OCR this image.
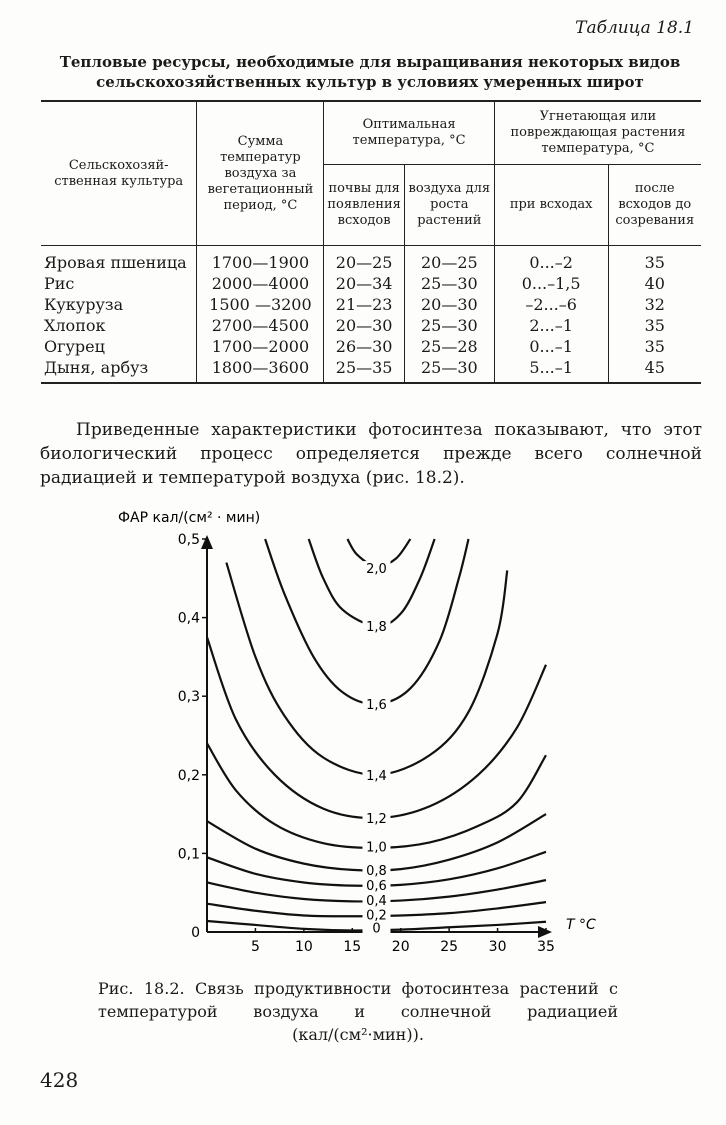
Таблица 18.1
Тепловые ресурсы, необходимые для выращивания некоторых видов сельскохозяйственных культур в условиях умеренных широт
Сельскохозяй-ственная культура	Сумма температур воздуха за вегетационный период, °С	Оптимальная температура, °С		Угнетающая или повреждающая растения температура, °С	
		почвы для появления всходов	воздуха для роста растений	при всходах	после всходов до созревания
Яровая пшеница	1700—1900	20—25	20—25	0...–2	35
Рис	2000—4000	20—34	25—30	0...–1,5	40
Кукуруза	1500 —3200	21—23	20—30	–2...–6	32
Хлопок	2700—4500	20—30	25—30	2...–1	35
Огурец	1700—2000	26—30	25—28	0...–1	35
Дыня, арбуз	1800—3600	25—35	25—30	5...–1	45
Приведенные характеристики фотосинтеза показывают, что этот биологический процесс определяется прежде всего солнечной радиацией и температурой воздуха (рис. 18.2).
ФАР кал/(см² · мин)
T °С
0
0,2
0,4
0,6
0,8
1,0
1,2
1,4
1,6
1,8
2,0
5	10 15 20 25 30 35
0
0,1
0,2
0,3
0,4
0,5
Рис. 18.2. Связь продуктивности фотосинтеза растений с температурой воздуха и солнечной радиацией (кал/(см²·мин)).
428
